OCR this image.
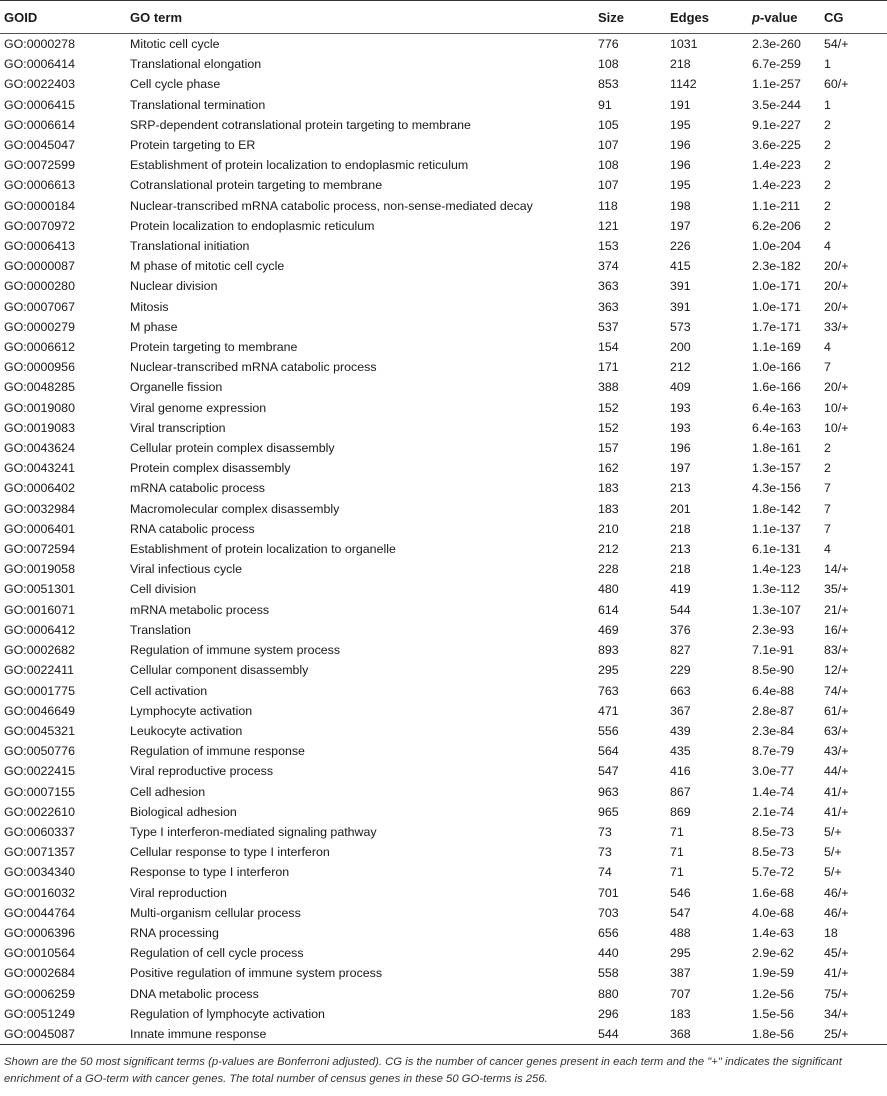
GOID	GO term	Size	Edges	p-value	CG
GO:0000278	Mitotic cell cycle	776	1031	2.3e-260	54/+
GO:0006414	Translational elongation	108	218	6.7e-259	1
GO:0022403	Cell cycle phase	853	1142	1.1e-257	60/+
GO:0006415	Translational termination	91	191	3.5e-244	1
GO:0006614	SRP-dependent cotranslational protein targeting to membrane	105	195	9.1e-227	2
GO:0045047	Protein targeting to ER	107	196	3.6e-225	2
GO:0072599	Establishment of protein localization to endoplasmic reticulum	108	196	1.4e-223	2
GO:0006613	Cotranslational protein targeting to membrane	107	195	1.4e-223	2
GO:0000184	Nuclear-transcribed mRNA catabolic process, non-sense-mediated decay	118	198	1.1e-211	2
GO:0070972	Protein localization to endoplasmic reticulum	121	197	6.2e-206	2
GO:0006413	Translational initiation	153	226	1.0e-204	4
GO:0000087	M phase of mitotic cell cycle	374	415	2.3e-182	20/+
GO:0000280	Nuclear division	363	391	1.0e-171	20/+
GO:0007067	Mitosis	363	391	1.0e-171	20/+
GO:0000279	M phase	537	573	1.7e-171	33/+
GO:0006612	Protein targeting to membrane	154	200	1.1e-169	4
GO:0000956	Nuclear-transcribed mRNA catabolic process	171	212	1.0e-166	7
GO:0048285	Organelle fission	388	409	1.6e-166	20/+
GO:0019080	Viral genome expression	152	193	6.4e-163	10/+
GO:0019083	Viral transcription	152	193	6.4e-163	10/+
GO:0043624	Cellular protein complex disassembly	157	196	1.8e-161	2
GO:0043241	Protein complex disassembly	162	197	1.3e-157	2
GO:0006402	mRNA catabolic process	183	213	4.3e-156	7
GO:0032984	Macromolecular complex disassembly	183	201	1.8e-142	7
GO:0006401	RNA catabolic process	210	218	1.1e-137	7
GO:0072594	Establishment of protein localization to organelle	212	213	6.1e-131	4
GO:0019058	Viral infectious cycle	228	218	1.4e-123	14/+
GO:0051301	Cell division	480	419	1.3e-112	35/+
GO:0016071	mRNA metabolic process	614	544	1.3e-107	21/+
GO:0006412	Translation	469	376	2.3e-93	16/+
GO:0002682	Regulation of immune system process	893	827	7.1e-91	83/+
GO:0022411	Cellular component disassembly	295	229	8.5e-90	12/+
GO:0001775	Cell activation	763	663	6.4e-88	74/+
GO:0046649	Lymphocyte activation	471	367	2.8e-87	61/+
GO:0045321	Leukocyte activation	556	439	2.3e-84	63/+
GO:0050776	Regulation of immune response	564	435	8.7e-79	43/+
GO:0022415	Viral reproductive process	547	416	3.0e-77	44/+
GO:0007155	Cell adhesion	963	867	1.4e-74	41/+
GO:0022610	Biological adhesion	965	869	2.1e-74	41/+
GO:0060337	Type I interferon-mediated signaling pathway	73	71	8.5e-73	5/+
GO:0071357	Cellular response to type I interferon	73	71	8.5e-73	5/+
GO:0034340	Response to type I interferon	74	71	5.7e-72	5/+
GO:0016032	Viral reproduction	701	546	1.6e-68	46/+
GO:0044764	Multi-organism cellular process	703	547	4.0e-68	46/+
GO:0006396	RNA processing	656	488	1.4e-63	18
GO:0010564	Regulation of cell cycle process	440	295	2.9e-62	45/+
GO:0002684	Positive regulation of immune system process	558	387	1.9e-59	41/+
GO:0006259	DNA metabolic process	880	707	1.2e-56	75/+
GO:0051249	Regulation of lymphocyte activation	296	183	1.5e-56	34/+
GO:0045087	Innate immune response	544	368	1.8e-56	25/+
Shown are the 50 most significant terms (p-values are Bonferroni adjusted). CG is the number of cancer genes present in each term and the "+" indicates the significant enrichment of a GO-term with cancer genes. The total number of census genes in these 50 GO-terms is 256.
